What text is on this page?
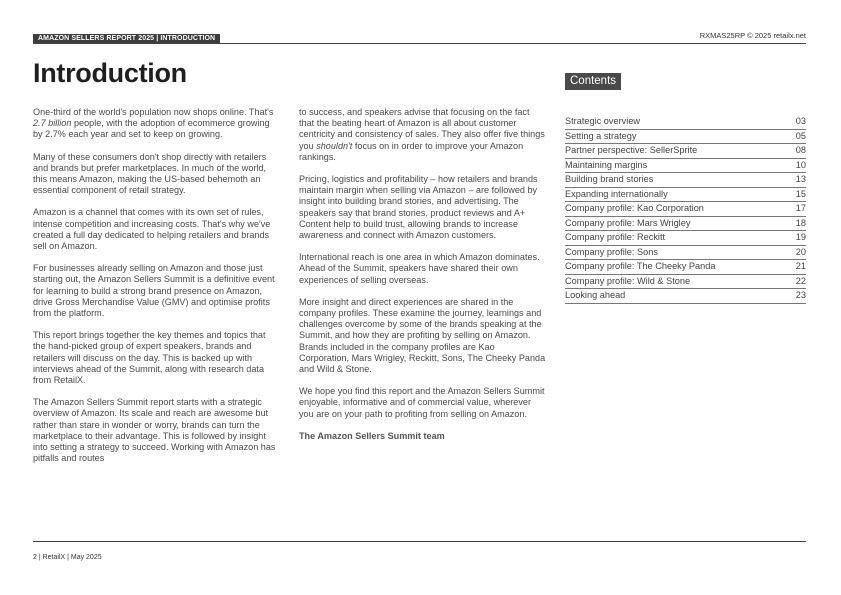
AMAZON SELLERS REPORT 2025 | INTRODUCTION	RXMAS25RP © 2025 retailx.net
Introduction

One-third of the world's population now shops online. That's 2.7 billion people, with the adoption of ecommerce growing by 2.7% each year and set to keep on growing.

Many of these consumers don't shop directly with retailers and brands but prefer marketplaces. In much of the world, this means Amazon, making the US-based behemoth an essential component of retail strategy.

Amazon is a channel that comes with its own set of rules, intense competition and increasing costs. That's why we've created a full day dedicated to helping retailers and brands sell on Amazon.

For businesses already selling on Amazon and those just starting out, the Amazon Sellers Summit is a definitive event for learning to build a strong brand presence on Amazon, drive Gross Merchandise Value (GMV) and optimise profits from the platform.

This report brings together the key themes and topics that the hand-picked group of expert speakers, brands and retailers will discuss on the day. This is backed up with interviews ahead of the Summit, along with research data from RetailX.

The Amazon Sellers Summit report starts with a strategic overview of Amazon. Its scale and reach are awesome but rather than stare in wonder or worry, brands can turn the marketplace to their advantage. This is followed by insight into setting a strategy to succeed. Working with Amazon has pitfalls and routes

to success, and speakers advise that focusing on the fact that the beating heart of Amazon is all about customer centricity and consistency of sales. They also offer five things you shouldn't focus on in order to improve your Amazon rankings.

Pricing, logistics and profitability – how retailers and brands maintain margin when selling via Amazon – are followed by insight into building brand stories, and advertising. The speakers say that brand stories, product reviews and A+ Content help to build trust, allowing brands to increase awareness and connect with Amazon customers.

International reach is one area in which Amazon dominates. Ahead of the Summit, speakers have shared their own experiences of selling overseas.

More insight and direct experiences are shared in the company profiles. These examine the journey, learnings and challenges overcome by some of the brands speaking at the Summit, and how they are profiting by selling on Amazon. Brands included in the company profiles are Kao Corporation, Mars Wrigley, Reckitt, Sons, The Cheeky Panda and Wild & Stone.

We hope you find this report and the Amazon Sellers Summit enjoyable, informative and of commercial value, wherever you are on your path to profiting from selling on Amazon.

The Amazon Sellers Summit team

Contents
Strategic overview	03
Setting a strategy	05
Partner perspective: SellerSprite	08
Maintaining margins	10
Building brand stories	13
Expanding internationally	15
Company profile: Kao Corporation	17
Company profile: Mars Wrigley	18
Company profile: Reckitt	19
Company profile: Sons	20
Company profile: The Cheeky Panda	21
Company profile: Wild & Stone	22
Looking ahead	23
2 | RetailX | May 2025
